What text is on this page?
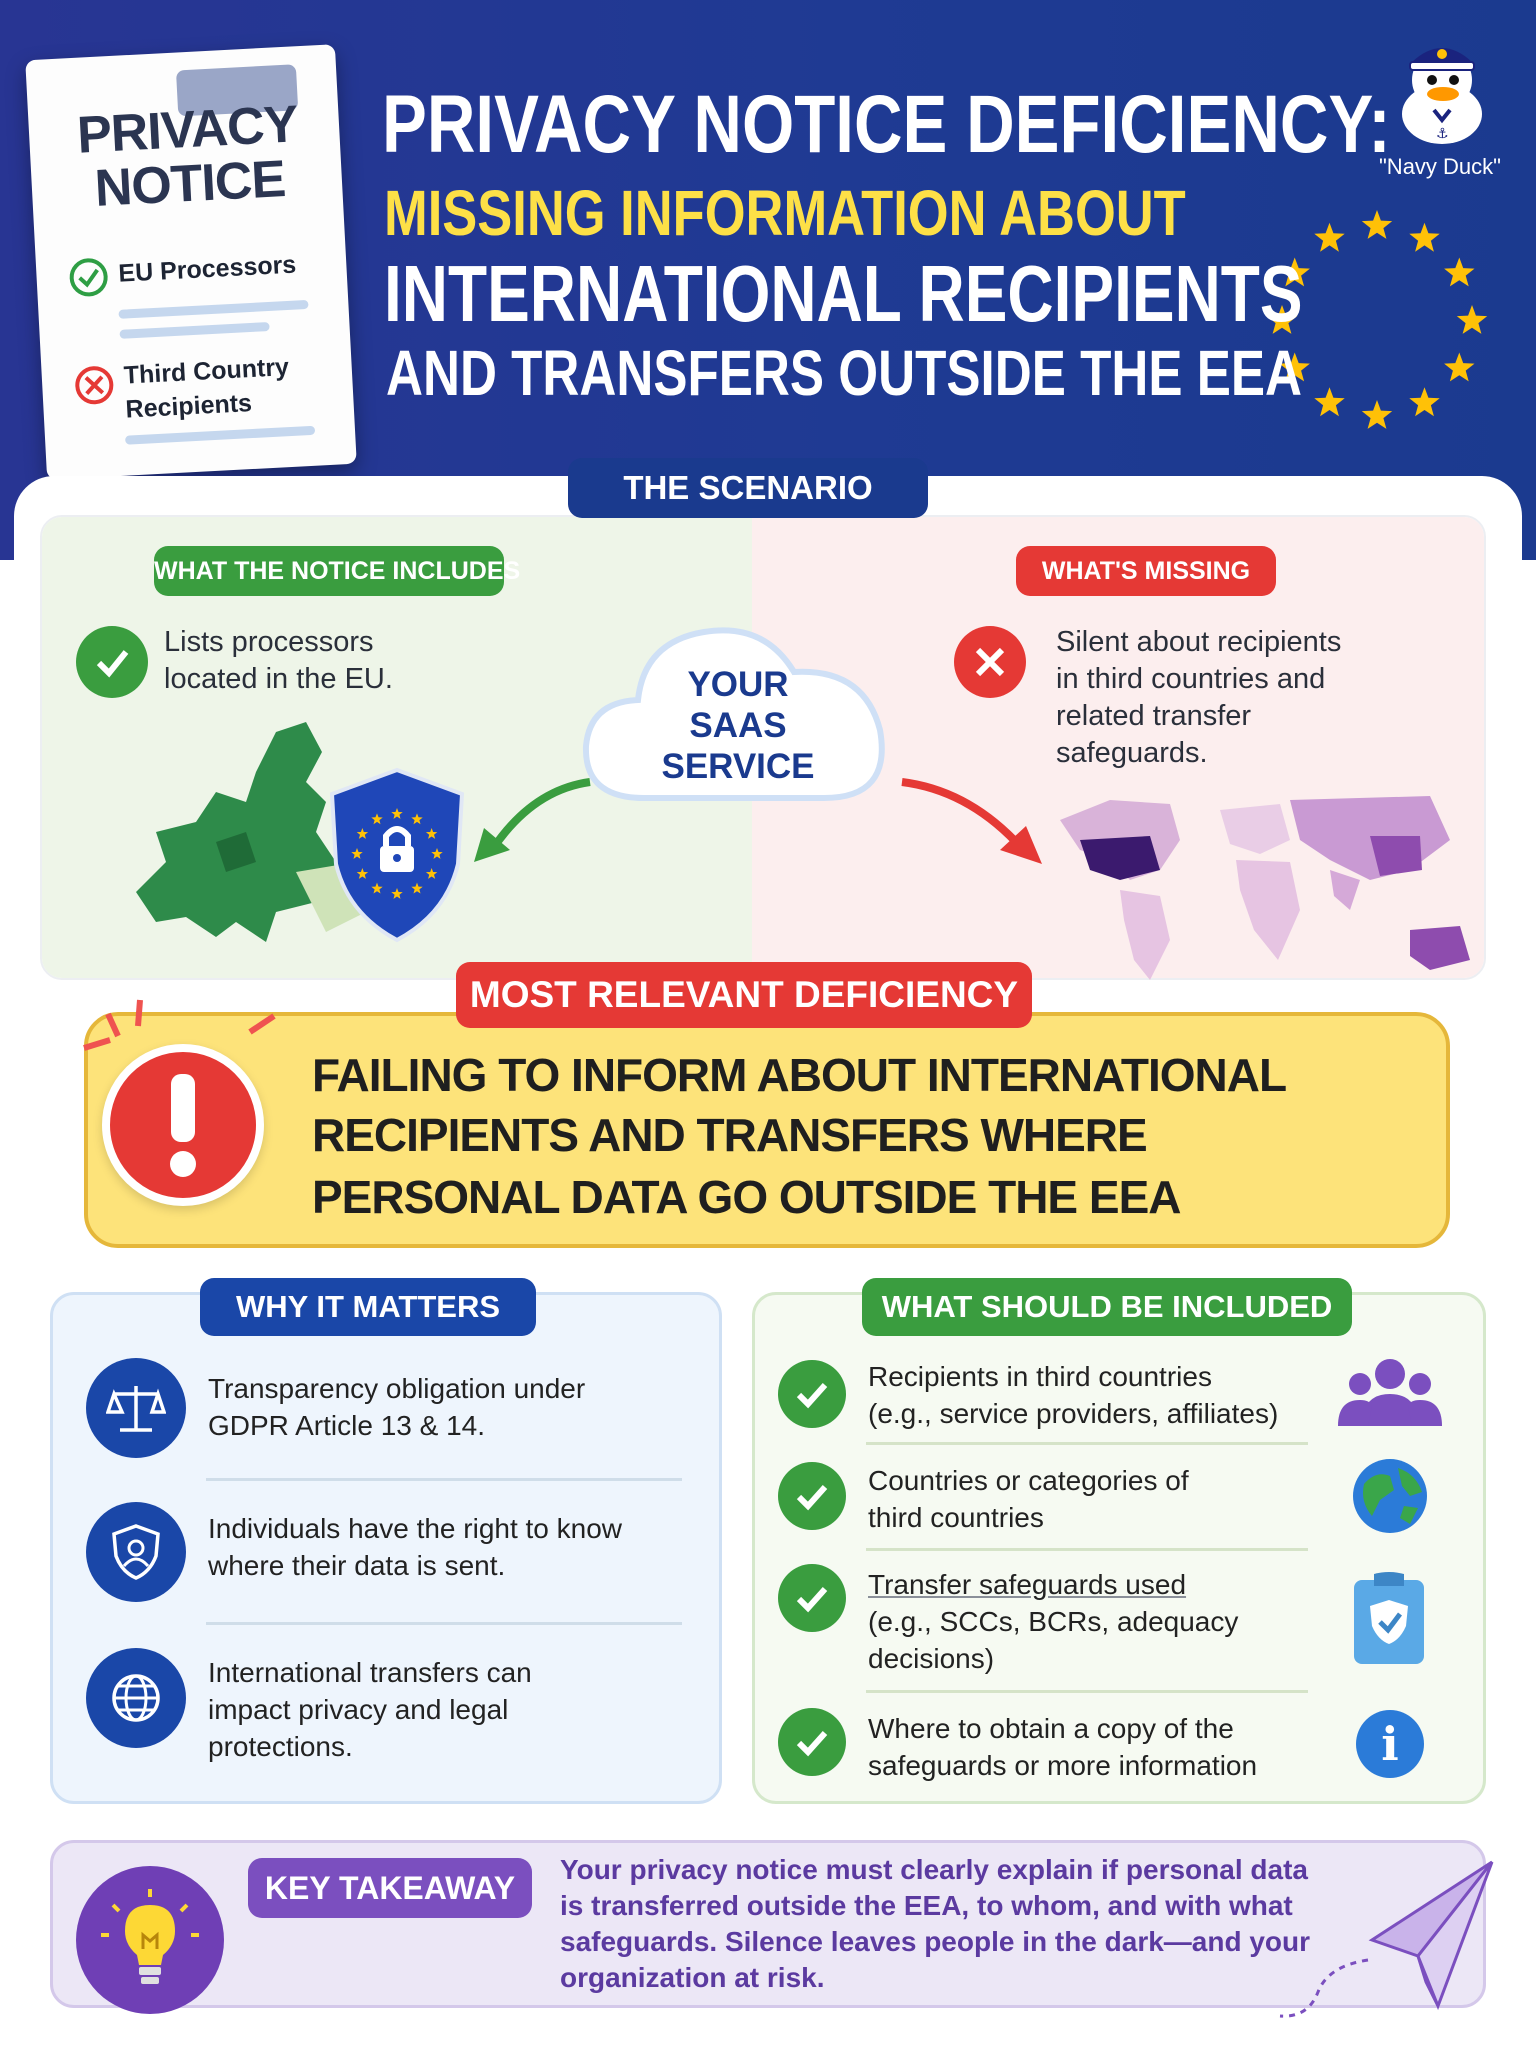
⚓
"Navy Duck"
PRIVACY NOTICE DEFICIENCY:
MISSING INFORMATION ABOUT
INTERNATIONAL RECIPIENTS
AND TRANSFERS OUTSIDE THE EEA
PRIVACY
NOTICE
EU Processors
Third Country
Recipients
THE SCENARIO
WHAT THE NOTICE INCLUDES
Lists processors
located in the EU.	YOUR
SAAS
SERVICE
WHAT'S MISSING
Silent about recipients
in third countries and
related transfer
safeguards.
MOST RELEVANT DEFICIENCY
FAILING TO INFORM ABOUT INTERNATIONAL
RECIPIENTS AND TRANSFERS WHERE
PERSONAL DATA GO OUTSIDE THE EEA
WHY IT MATTERS
Transparency obligation under
GDPR Article 13 & 14.
Individuals have the right to know
where their data is sent.
International transfers can
impact privacy and legal
protections.
WHAT SHOULD BE INCLUDED
Recipients in third countries
(e.g., service providers, affiliates)
Countries or categories of
third countries
Transfer safeguards used
(e.g., SCCs, BCRs, adequacy
decisions)
Where to obtain a copy of the
safeguards or more information	i
KEY TAKEAWAY
Your privacy notice must clearly explain if personal data
is transferred outside the EEA, to whom, and with what
safeguards. Silence leaves people in the dark—and your
organization at risk.
